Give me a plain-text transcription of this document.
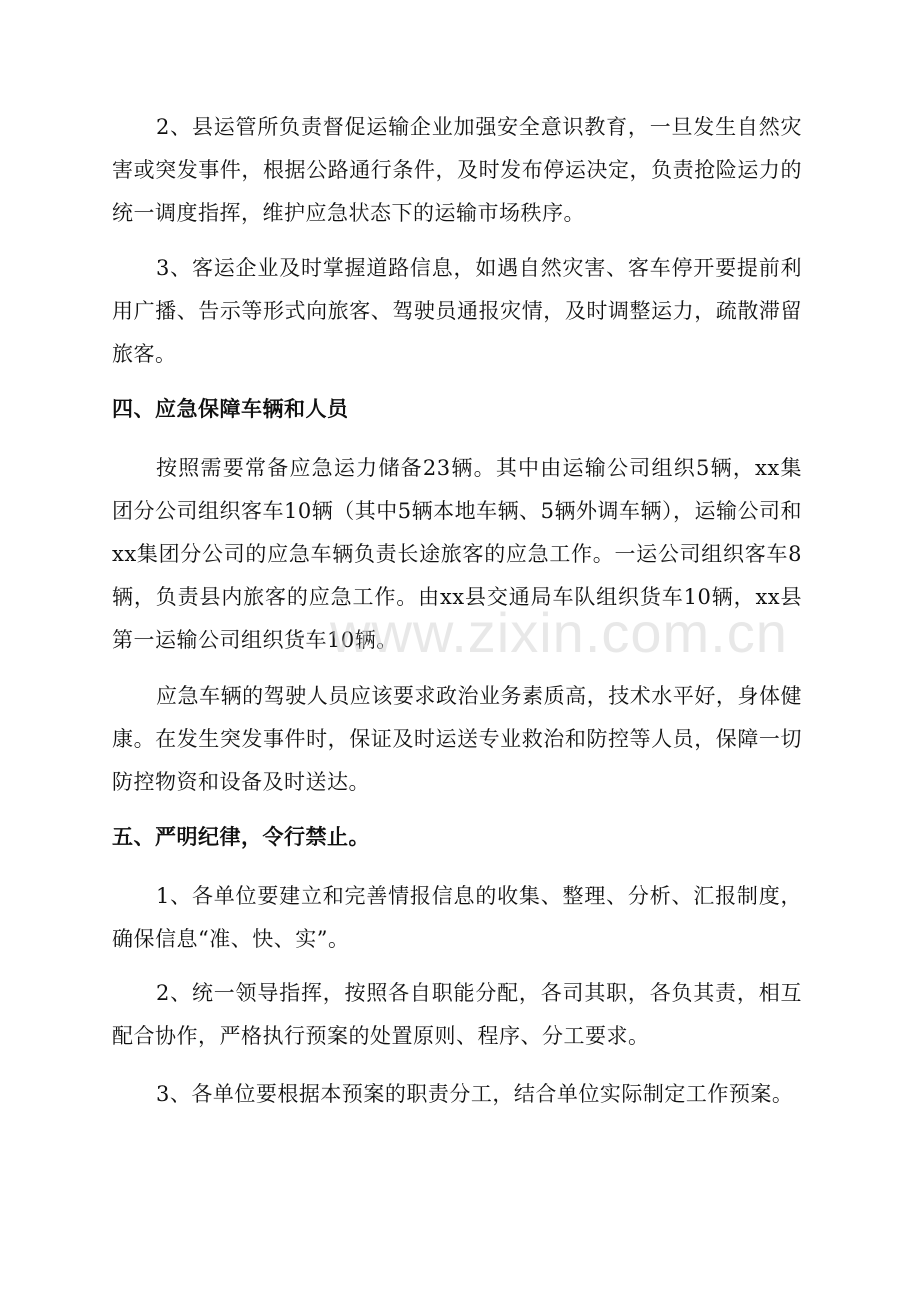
2、县运管所负责督促运输企业加强安全意识教育，一旦发生自然灾害或突发事件，根据公路通行条件，及时发布停运决定，负责抢险运力的统一调度指挥，维护应急状态下的运输市场秩序。

3、客运企业及时掌握道路信息，如遇自然灾害、客车停开要提前利用广播、告示等形式向旅客、驾驶员通报灾情，及时调整运力，疏散滞留旅客。

四、应急保障车辆和人员

按照需要常备应急运力储备23辆。其中由运输公司组织5辆，xx集团分公司组织客车10辆（其中5辆本地车辆、5辆外调车辆），运输公司和xx集团分公司的应急车辆负责长途旅客的应急工作。一运公司组织客车8辆，负责县内旅客的应急工作。由xx县交通局车队组织货车10辆，xx县第一运输公司组织货车10辆。

应急车辆的驾驶人员应该要求政治业务素质高，技术水平好，身体健康。在发生突发事件时，保证及时运送专业救治和防控等人员，保障一切防控物资和设备及时送达。

五、严明纪律，令行禁止。

1、各单位要建立和完善情报信息的收集、整理、分析、汇报制度，确保信息“准、快、实”。

2、统一领导指挥，按照各自职能分配，各司其职，各负其责，相互配合协作，严格执行预案的处置原则、程序、分工要求。

3、各单位要根据本预案的职责分工，结合单位实际制定工作预案。

www.zixin.com.cn
